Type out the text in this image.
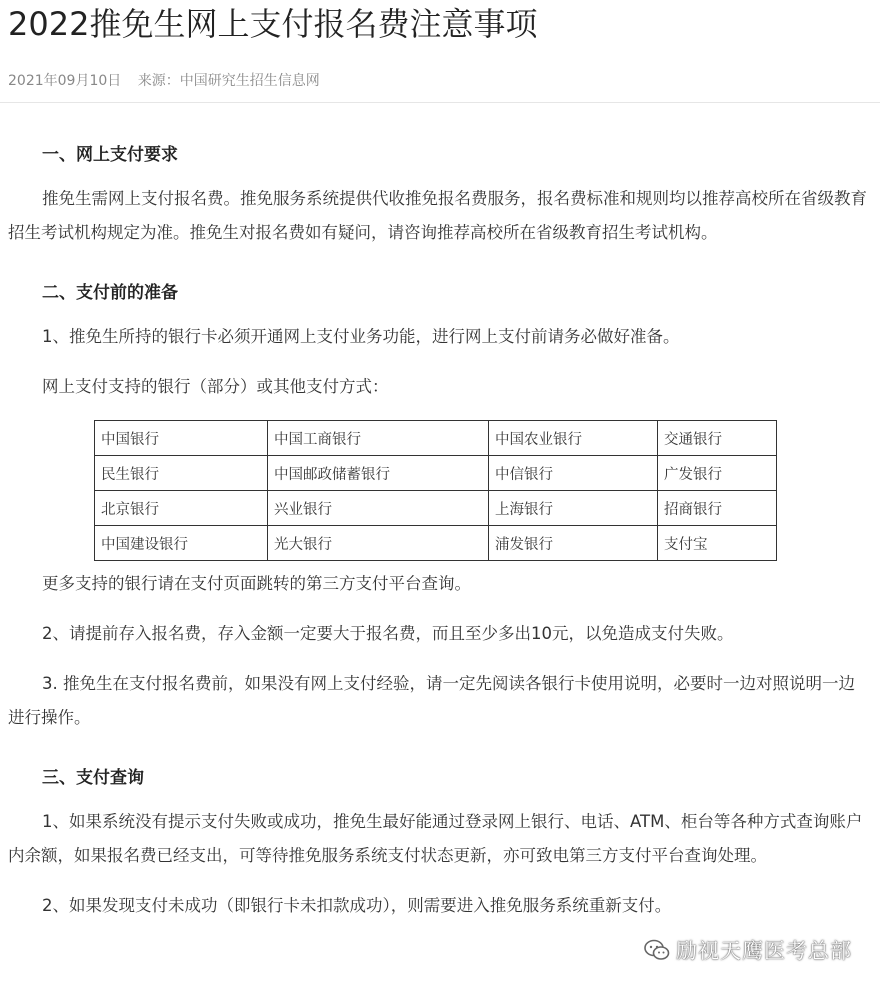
2022推免生网上支付报名费注意事项
2021年09月10日 来源：中国研究生招生信息网
一、网上支付要求

推免生需网上支付报名费。推免服务系统提供代收推免报名费服务，报名费标准和规则均以推荐高校所在省级教育招生考试机构规定为准。推免生对报名费如有疑问，请咨询推荐高校所在省级教育招生考试机构。

二、支付前的准备

1、推免生所持的银行卡必须开通网上支付业务功能，进行网上支付前请务必做好准备。

网上支付支持的银行（部分）或其他支付方式：

中国银行	中国工商银行	中国农业银行	交通银行
民生银行	中国邮政储蓄银行	中信银行	广发银行
北京银行	兴业银行	上海银行	招商银行
中国建设银行	光大银行	浦发银行	支付宝

更多支持的银行请在支付页面跳转的第三方支付平台查询。

2、请提前存入报名费，存入金额一定要大于报名费，而且至少多出10元，以免造成支付失败。

3. 推免生在支付报名费前，如果没有网上支付经验，请一定先阅读各银行卡使用说明，必要时一边对照说明一边进行操作。

三、支付查询

1、如果系统没有提示支付失败或成功，推免生最好能通过登录网上银行、电话、ATM、柜台等各种方式查询账户内余额，如果报名费已经支出，可等待推免服务系统支付状态更新，亦可致电第三方支付平台查询处理。

2、如果发现支付未成功（即银行卡未扣款成功），则需要进入推免服务系统重新支付。

励视天鹰医考总部
